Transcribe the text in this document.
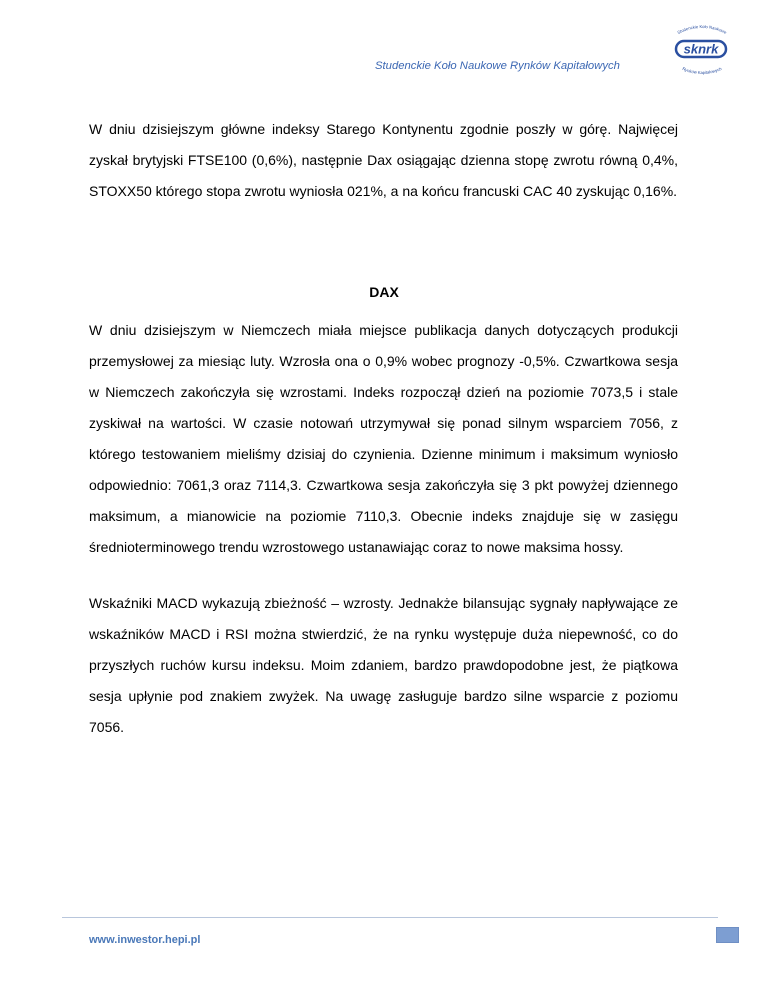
Studenckie Koło Naukowe Rynków Kapitałowych
Studenckie Koło Naukowe
Rynków Kapitałowych
sknrk
W dniu dzisiejszym główne indeksy Starego Kontynentu zgodnie poszły w górę. Najwięcej zyskał brytyjski FTSE100 (0,6%), następnie Dax osiągając dzienna stopę zwrotu równą 0,4%, STOXX50 którego stopa zwrotu wyniosła 021%, a na końcu francuski CAC 40 zyskując 0,16%.
DAX
W dniu dzisiejszym w Niemczech miała miejsce publikacja danych dotyczących produkcji przemysłowej za miesiąc luty. Wzrosła ona o 0,9% wobec prognozy -0,5%. Czwartkowa sesja w Niemczech zakończyła się wzrostami. Indeks rozpoczął dzień na poziomie 7073,5 i stale zyskiwał na wartości. W czasie notowań utrzymywał się ponad silnym wsparciem 7056, z którego testowaniem mieliśmy dzisiaj do czynienia. Dzienne minimum i maksimum wyniosło odpowiednio: 7061,3 oraz 7114,3. Czwartkowa sesja zakończyła się 3 pkt powyżej dziennego maksimum, a mianowicie na poziomie 7110,3. Obecnie indeks znajduje się w zasięgu średnioterminowego trendu wzrostowego ustanawiając coraz to nowe maksima hossy.
Wskaźniki MACD wykazują zbieżność – wzrosty. Jednakże bilansując sygnały napływające ze wskaźników MACD i RSI można stwierdzić, że na rynku występuje duża niepewność, co do przyszłych ruchów kursu indeksu. Moim zdaniem, bardzo prawdopodobne jest, że piątkowa sesja upłynie pod znakiem zwyżek. Na uwagę zasługuje bardzo silne wsparcie z poziomu 7056.
www.inwestor.hepi.pl
